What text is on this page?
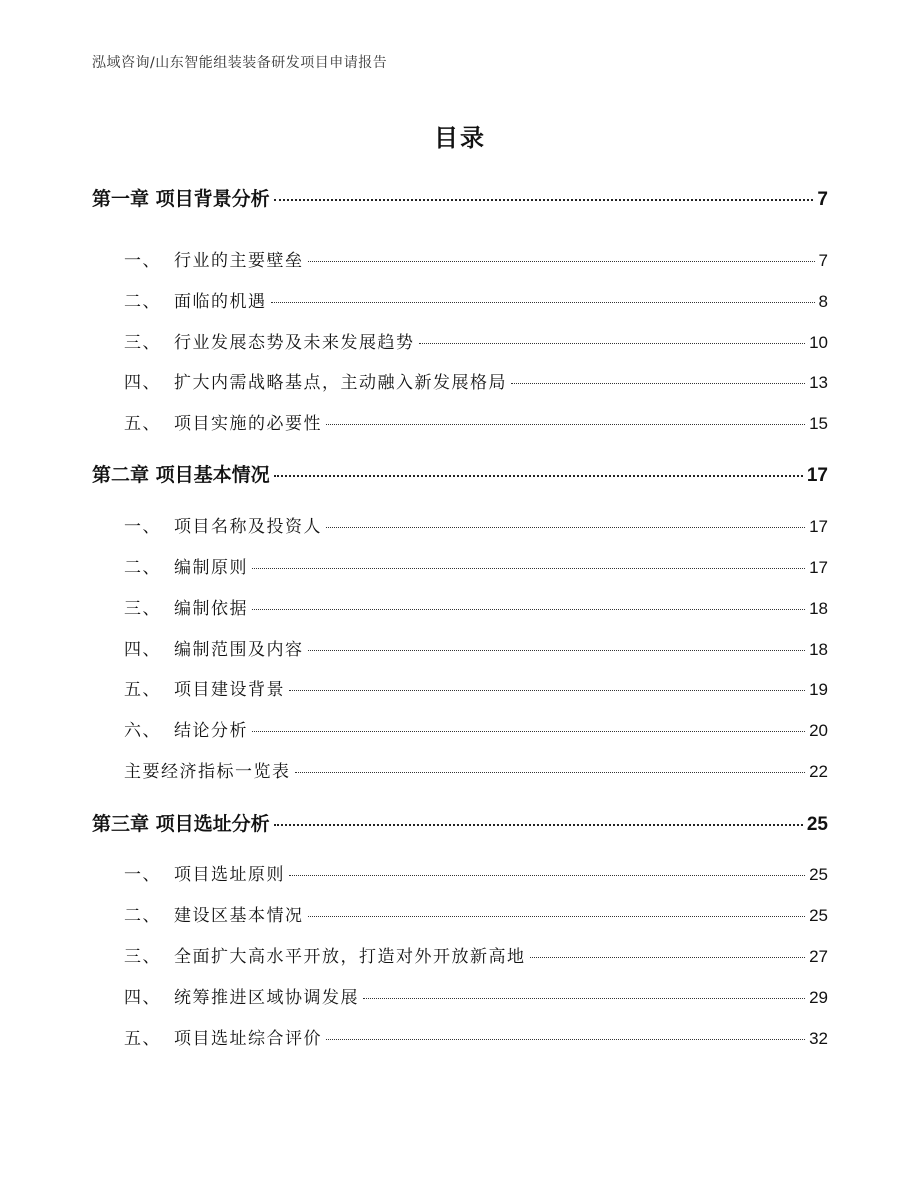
泓域咨询/山东智能组装装备研发项目申请报告
目录
第一章 项目背景分析	7
一、 行业的主要壁垒	7
二、 面临的机遇	8
三、 行业发展态势及未来发展趋势	10
四、 扩大内需战略基点，主动融入新发展格局	13
五、 项目实施的必要性	15
第二章 项目基本情况	17
一、 项目名称及投资人	17
二、 编制原则	17
三、 编制依据	18
四、 编制范围及内容	18
五、 项目建设背景	19
六、 结论分析	20
主要经济指标一览表	22
第三章 项目选址分析	25
一、 项目选址原则	25
二、 建设区基本情况	25
三、 全面扩大高水平开放，打造对外开放新高地	27
四、 统筹推进区域协调发展	29
五、 项目选址综合评价	32
